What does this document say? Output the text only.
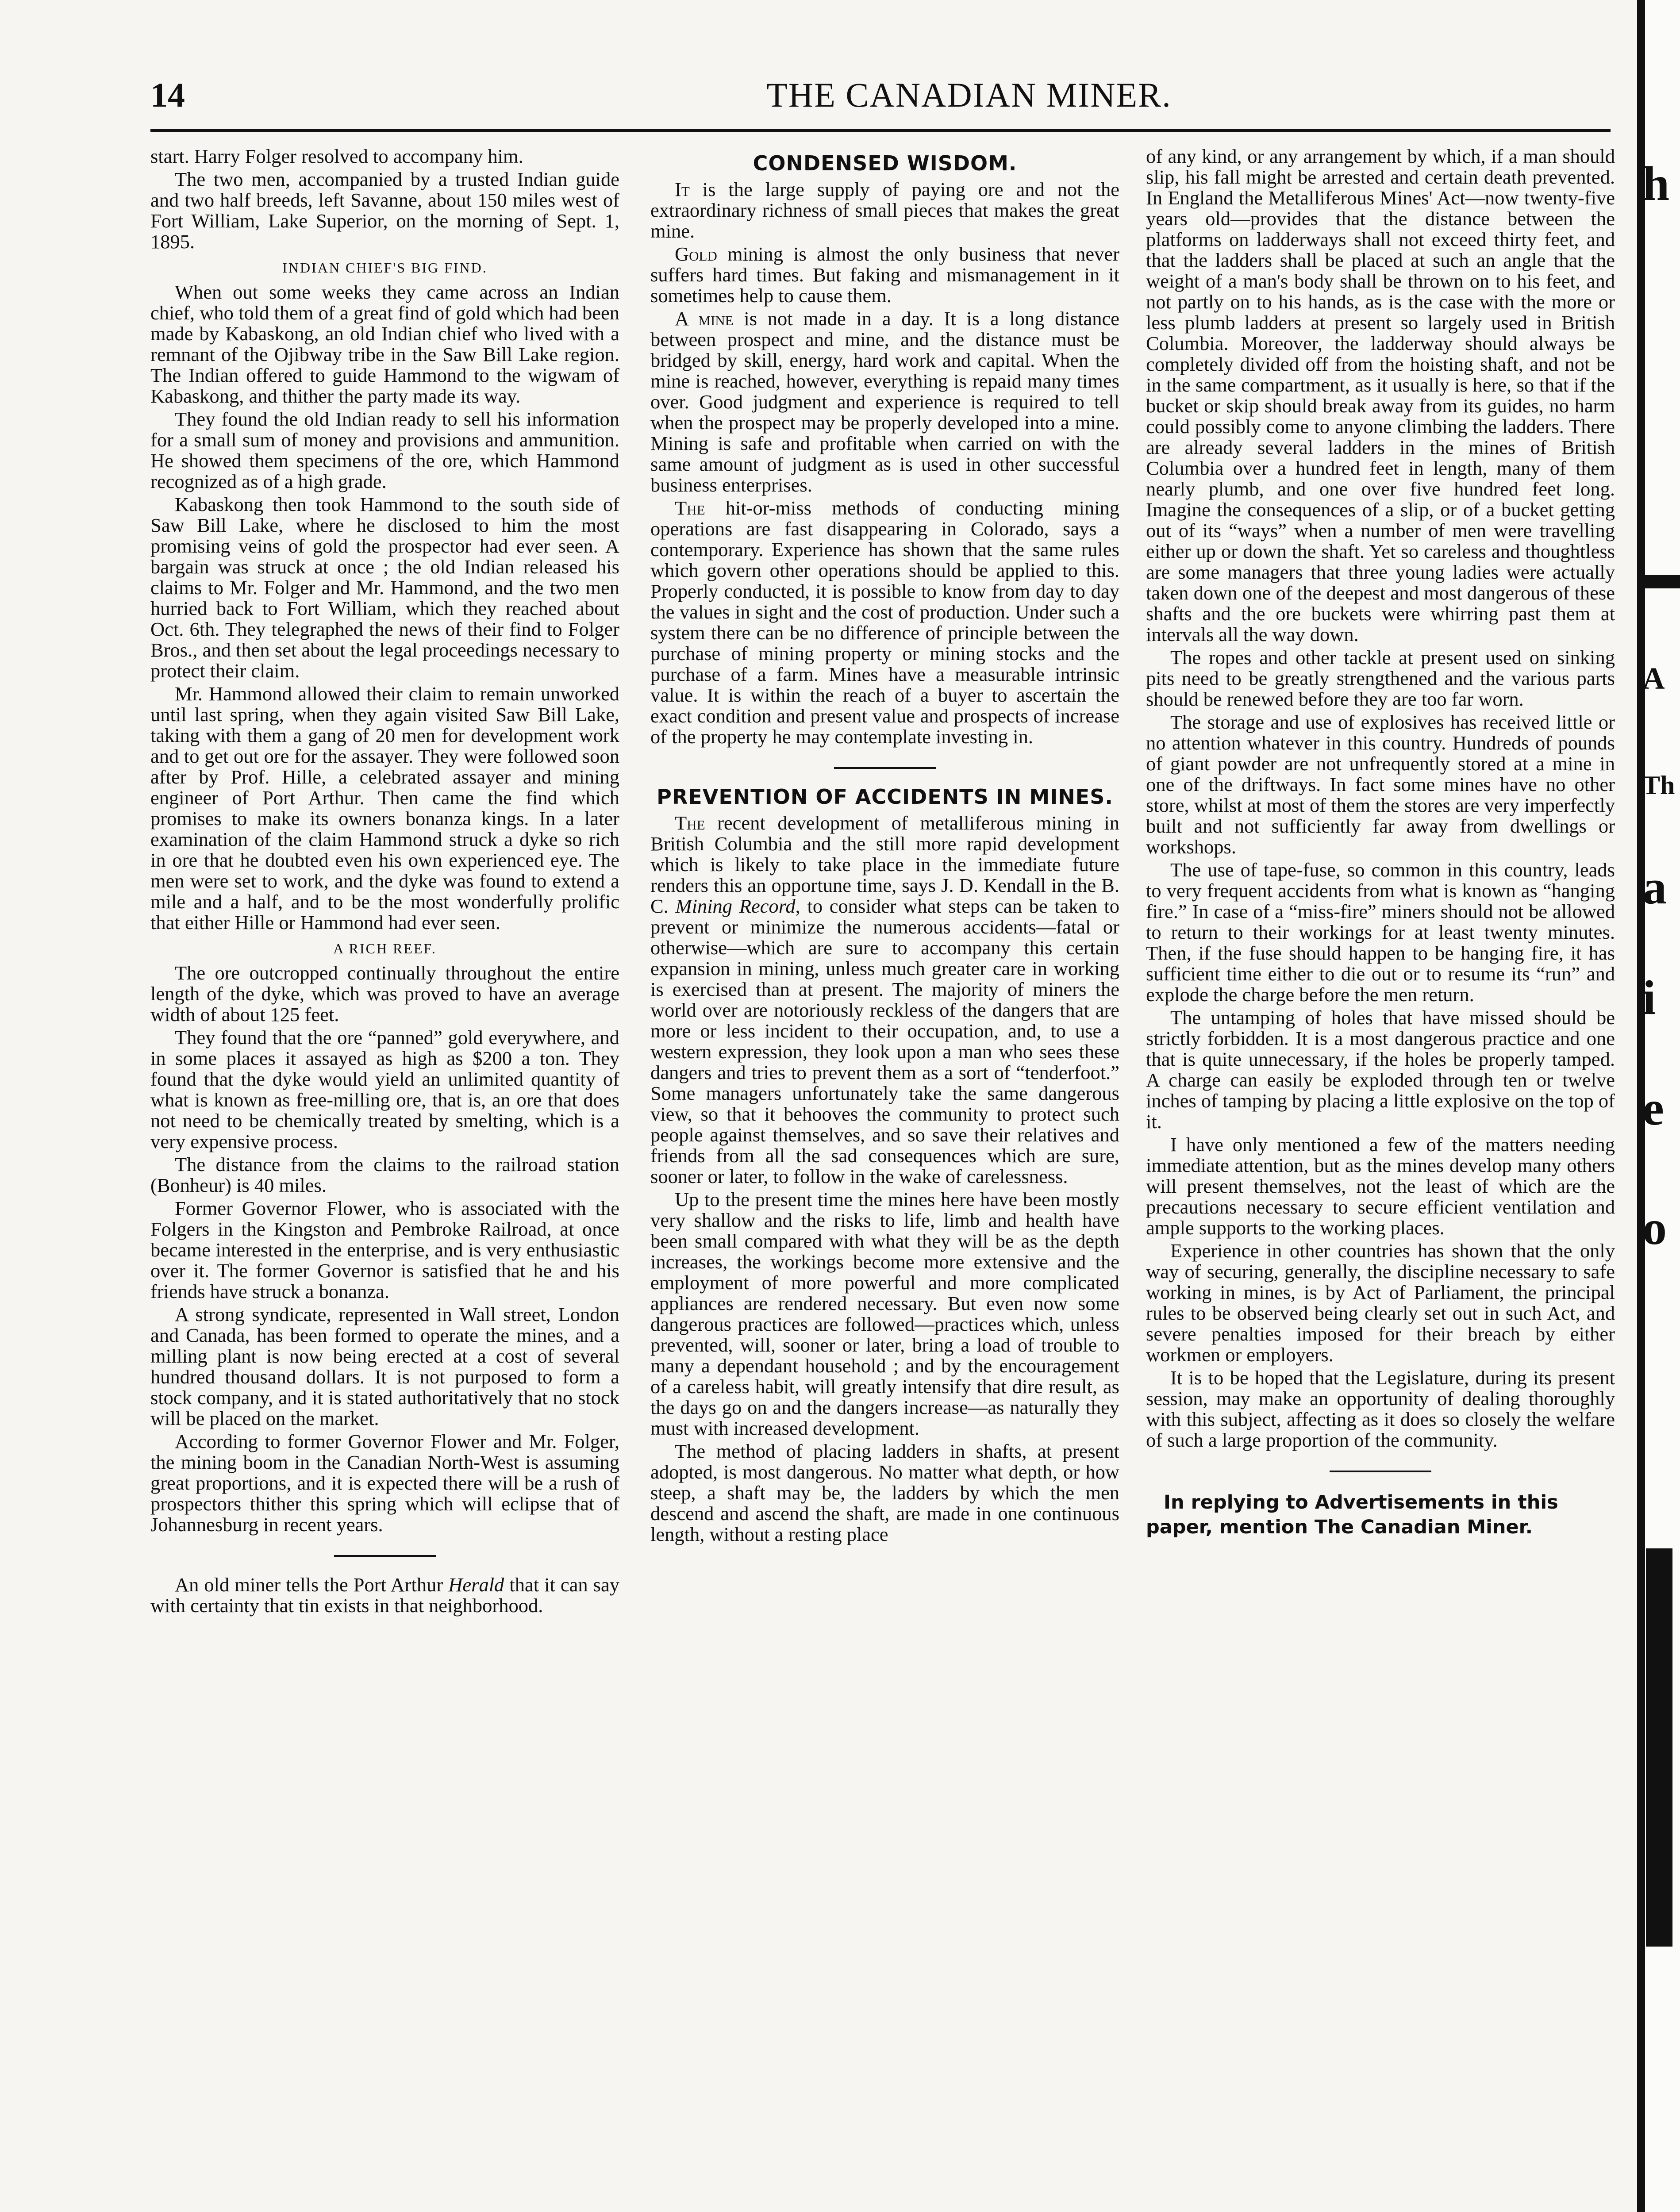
14	THE CANADIAN MINER.

start. Harry Folger resolved to accompany him.

The two men, accompanied by a trusted Indian guide and two half breeds, left Savanne, about 150 miles west of Fort William, Lake Superior, on the morning of Sept. 1, 1895.

INDIAN CHIEF'S BIG FIND.

When out some weeks they came across an Indian chief, who told them of a great find of gold which had been made by Kabaskong, an old Indian chief who lived with a remnant of the Ojibway tribe in the Saw Bill Lake region. The Indian offered to guide Hammond to the wigwam of Kabaskong, and thither the party made its way.

They found the old Indian ready to sell his information for a small sum of money and provisions and ammunition. He showed them specimens of the ore, which Hammond recognized as of a high grade.

Kabaskong then took Hammond to the south side of Saw Bill Lake, where he disclosed to him the most promising veins of gold the prospector had ever seen. A bargain was struck at once ; the old Indian released his claims to Mr. Folger and Mr. Hammond, and the two men hurried back to Fort William, which they reached about Oct. 6th. They telegraphed the news of their find to Folger Bros., and then set about the legal proceedings necessary to protect their claim.

Mr. Hammond allowed their claim to remain unworked until last spring, when they again visited Saw Bill Lake, taking with them a gang of 20 men for development work and to get out ore for the assayer. They were followed soon after by Prof. Hille, a celebrated assayer and mining engineer of Port Arthur. Then came the find which promises to make its owners bonanza kings. In a later examination of the claim Hammond struck a dyke so rich in ore that he doubted even his own experienced eye. The men were set to work, and the dyke was found to extend a mile and a half, and to be the most wonderfully prolific that either Hille or Hammond had ever seen.

A RICH REEF.

The ore outcropped continually throughout the entire length of the dyke, which was proved to have an average width of about 125 feet.

They found that the ore “panned” gold everywhere, and in some places it assayed as high as $200 a ton. They found that the dyke would yield an unlimited quantity of what is known as free-milling ore, that is, an ore that does not need to be chemically treated by smelting, which is a very expensive process.

The distance from the claims to the railroad station (Bonheur) is 40 miles.

Former Governor Flower, who is associated with the Folgers in the Kingston and Pembroke Railroad, at once became interested in the enterprise, and is very enthusiastic over it. The former Governor is satisfied that he and his friends have struck a bonanza.

A strong syndicate, represented in Wall street, London and Canada, has been formed to operate the mines, and a milling plant is now being erected at a cost of several hundred thousand dollars. It is not purposed to form a stock company, and it is stated authoritatively that no stock will be placed on the market.

According to former Governor Flower and Mr. Folger, the mining boom in the Canadian North-West is assuming great proportions, and it is expected there will be a rush of prospectors thither this spring which will eclipse that of Johannesburg in recent years.

An old miner tells the Port Arthur Herald that it can say with certainty that tin exists in that neighborhood.

CONDENSED WISDOM.

It is the large supply of paying ore and not the extraordinary richness of small pieces that makes the great mine.

Gold mining is almost the only business that never suffers hard times. But faking and mismanagement in it sometimes help to cause them.

A mine is not made in a day. It is a long distance between prospect and mine, and the distance must be bridged by skill, energy, hard work and capital. When the mine is reached, however, everything is repaid many times over. Good judgment and experience is required to tell when the prospect may be properly developed into a mine. Mining is safe and profitable when carried on with the same amount of judgment as is used in other successful business enterprises.

The hit-or-miss methods of conducting mining operations are fast disappearing in Colorado, says a contemporary. Experience has shown that the same rules which govern other operations should be applied to this. Properly conducted, it is possible to know from day to day the values in sight and the cost of production. Under such a system there can be no difference of principle between the purchase of mining property or mining stocks and the purchase of a farm. Mines have a measurable intrinsic value. It is within the reach of a buyer to ascertain the exact condition and present value and prospects of increase of the property he may contemplate investing in.

PREVENTION OF ACCIDENTS IN MINES.

The recent development of metalliferous mining in British Columbia and the still more rapid development which is likely to take place in the immediate future renders this an opportune time, says J. D. Kendall in the B. C. Mining Record, to consider what steps can be taken to prevent or minimize the numerous accidents—fatal or otherwise—which are sure to accompany this certain expansion in mining, unless much greater care in working is exercised than at present. The majority of miners the world over are notoriously reckless of the dangers that are more or less incident to their occupation, and, to use a western expression, they look upon a man who sees these dangers and tries to prevent them as a sort of “tenderfoot.” Some managers unfortunately take the same dangerous view, so that it behooves the community to protect such people against themselves, and so save their relatives and friends from all the sad consequences which are sure, sooner or later, to follow in the wake of carelessness.

Up to the present time the mines here have been mostly very shallow and the risks to life, limb and health have been small compared with what they will be as the depth increases, the workings become more extensive and the employment of more powerful and more complicated appliances are rendered necessary. But even now some dangerous practices are followed—practices which, unless prevented, will, sooner or later, bring a load of trouble to many a dependant household ; and by the encouragement of a careless habit, will greatly intensify that dire result, as the days go on and the dangers increase—as naturally they must with increased development.

The method of placing ladders in shafts, at present adopted, is most dangerous. No matter what depth, or how steep, a shaft may be, the ladders by which the men descend and ascend the shaft, are made in one continuous length, without a resting place

of any kind, or any arrangement by which, if a man should slip, his fall might be arrested and certain death prevented. In England the Metalliferous Mines' Act—now twenty-five years old—provides that the distance between the platforms on ladderways shall not exceed thirty feet, and that the ladders shall be placed at such an angle that the weight of a man's body shall be thrown on to his feet, and not partly on to his hands, as is the case with the more or less plumb ladders at present so largely used in British Columbia. Moreover, the ladderway should always be completely divided off from the hoisting shaft, and not be in the same compartment, as it usually is here, so that if the bucket or skip should break away from its guides, no harm could possibly come to anyone climbing the ladders. There are already several ladders in the mines of British Columbia over a hundred feet in length, many of them nearly plumb, and one over five hundred feet long. Imagine the consequences of a slip, or of a bucket getting out of its “ways” when a number of men were travelling either up or down the shaft. Yet so careless and thoughtless are some managers that three young ladies were actually taken down one of the deepest and most dangerous of these shafts and the ore buckets were whirring past them at intervals all the way down.

The ropes and other tackle at present used on sinking pits need to be greatly strengthened and the various parts should be renewed before they are too far worn.

The storage and use of explosives has received little or no attention whatever in this country. Hundreds of pounds of giant powder are not unfrequently stored at a mine in one of the driftways. In fact some mines have no other store, whilst at most of them the stores are very imperfectly built and not sufficiently far away from dwellings or workshops.

The use of tape-fuse, so common in this country, leads to very frequent accidents from what is known as “hanging fire.” In case of a “miss-fire” miners should not be allowed to return to their workings for at least twenty minutes. Then, if the fuse should happen to be hanging fire, it has sufficient time either to die out or to resume its “run” and explode the charge before the men return.

The untamping of holes that have missed should be strictly forbidden. It is a most dangerous practice and one that is quite unnecessary, if the holes be properly tamped. A charge can easily be exploded through ten or twelve inches of tamping by placing a little explosive on the top of it.

I have only mentioned a few of the matters needing immediate attention, but as the mines develop many others will present themselves, not the least of which are the precautions necessary to secure efficient ventilation and ample supports to the working places.

Experience in other countries has shown that the only way of securing, generally, the discipline necessary to safe working in mines, is by Act of Parliament, the principal rules to be observed being clearly set out in such Act, and severe penalties imposed for their breach by either workmen or employers.

It is to be hoped that the Legislature, during its present session, may make an opportunity of dealing thoroughly with this subject, affecting as it does so closely the welfare of such a large proportion of the community.

In replying to Advertisements in this paper, mention The Canadian Miner.

h
A
Th
a
i
e
o
